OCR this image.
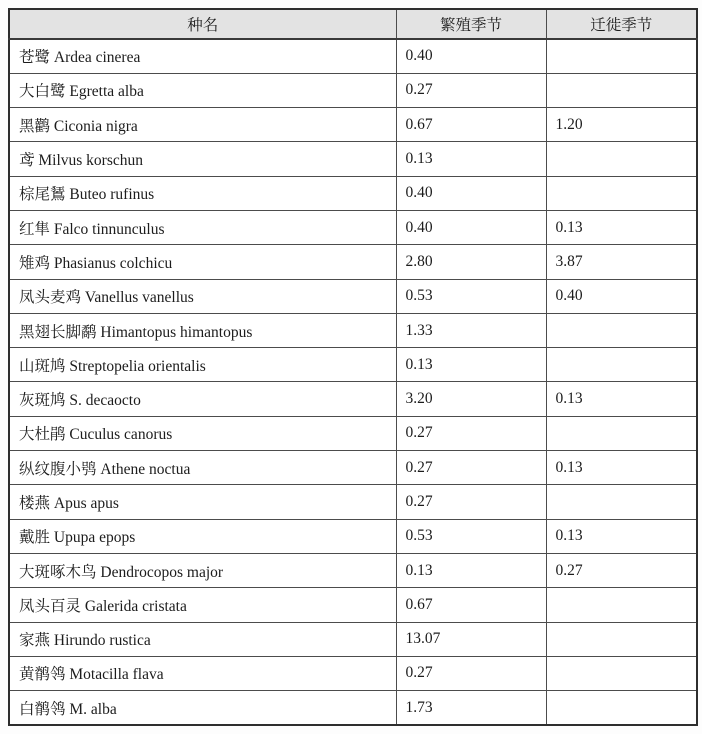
种名	繁殖季节	迁徙季节
苍鹭 Ardea cinerea	0.40	
大白鹭 Egretta alba	0.27	
黑鹳 Ciconia nigra	0.67	1.20
鸢 Milvus korschun	0.13	
棕尾鵟 Buteo rufinus	0.40	
红隼 Falco tinnunculus	0.40	0.13
雉鸡 Phasianus colchicu	2.80	3.87
凤头麦鸡 Vanellus vanellus	0.53	0.40
黑翅长脚鹬 Himantopus himantopus	1.33	
山斑鸠 Streptopelia orientalis	0.13	
灰斑鸠 S. decaocto	3.20	0.13
大杜鹃 Cuculus canorus	0.27	
纵纹腹小鸮 Athene noctua	0.27	0.13
楼燕 Apus apus	0.27	
戴胜 Upupa epops	0.53	0.13
大斑啄木鸟 Dendrocopos major	0.13	0.27
凤头百灵 Galerida cristata	0.67	
家燕 Hirundo rustica	13.07	
黄鹡鸰 Motacilla flava	0.27	
白鹡鸰 M. alba	1.73	
